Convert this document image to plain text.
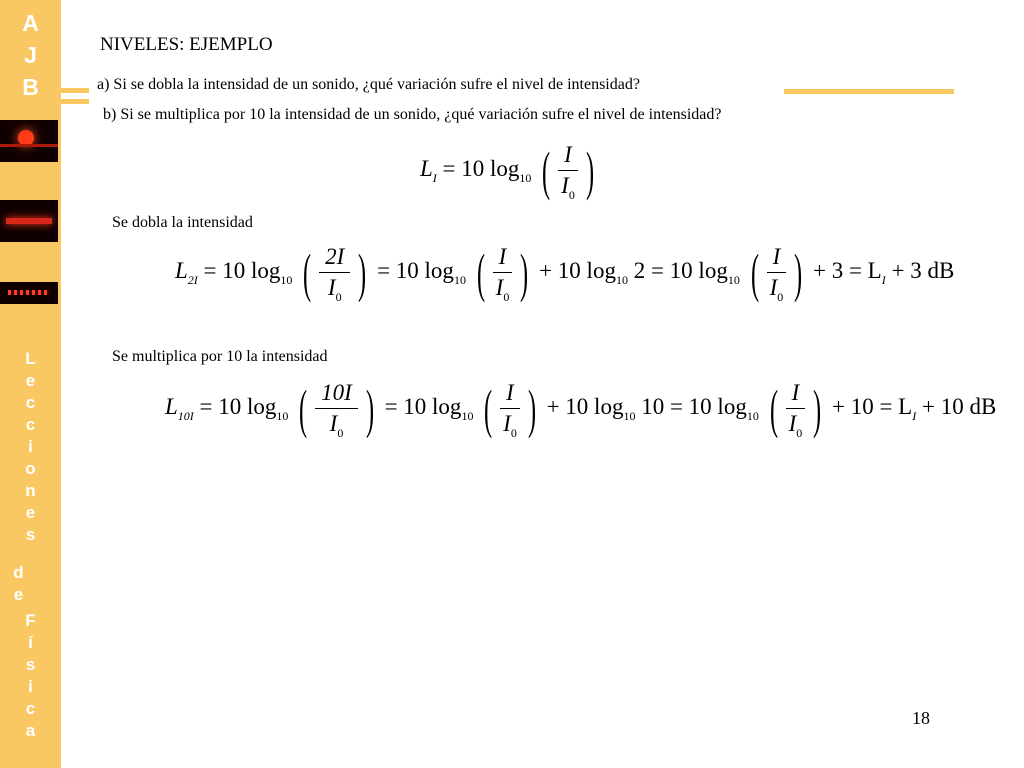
A
J
B
L
e
c
c
i
o
n
e
s
d
e
F
í
s
i
c
a
NIVELES: EJEMPLO
a) Si se dobla la intensidad de un sonido, ¿qué variación sufre el nivel de intensidad?
b) Si se multiplica por 10 la intensidad de un sonido, ¿qué variación sufre el nivel de intensidad?
$L_I = 10$ $\log_{10}$ ( $\frac{I}{I_0}$ )
Se dobla la intensidad
$L_{2I} = 10$ $\log_{10}$ ( $\frac{2I}{I_0}$ ) = 10 $\log_{10}$ ( $\frac{I}{I_0}$ ) + 10 $\log_{10} 2 = 10$ $\log_{10}$ ( $\frac{I}{I_0}$ ) + $3 = L_I + 3$ dB
Se multiplica por 10 la intensidad
$L_{10I} = 10$ $\log_{10}$ ( $\frac{10I}{I_0}$ ) = 10 $\log_{10}$ ( $\frac{I}{I_0}$ ) + 10 $\log_{10} 10 = 10$ $\log_{10}$ ( $\frac{I}{I_0}$ ) + $10 = L_I + 10$ dB
18
